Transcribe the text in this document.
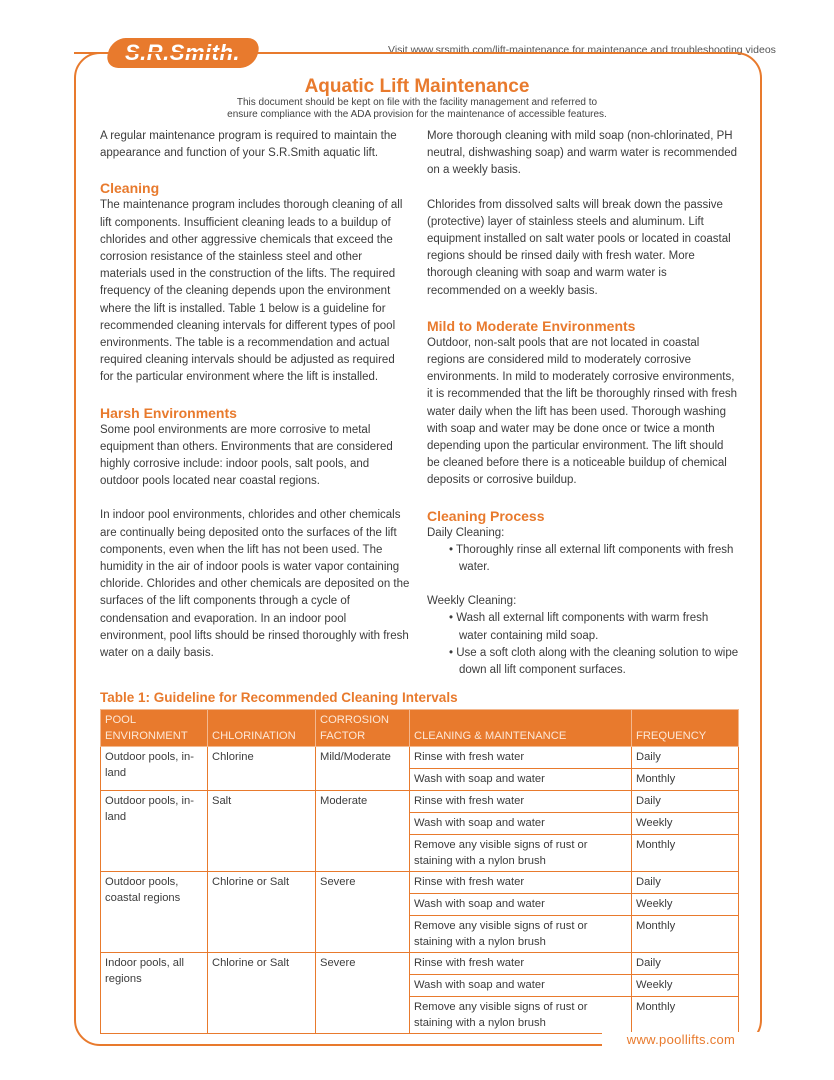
S.R.Smith.	Visit www.srsmith.com/lift-maintenance for maintenance and troubleshooting videos
Aquatic Lift Maintenance
This document should be kept on file with the facility management and referred to
ensure compliance with the ADA provision for the maintenance of accessible features.

A regular maintenance program is required to maintain the appearance and function of your S.R.Smith aquatic lift.

Cleaning

The maintenance program includes thorough cleaning of all lift components. Insufficient cleaning leads to a buildup of chlorides and other aggressive chemicals that exceed the corrosion resistance of the stainless steel and other materials used in the construction of the lifts. The required frequency of the cleaning depends upon the environment where the lift is installed. Table 1 below is a guideline for recommended cleaning intervals for different types of pool environments. The table is a recommendation and actual required cleaning intervals should be adjusted as required for the particular environment where the lift is installed.

Harsh Environments

Some pool environments are more corrosive to metal equipment than others. Environments that are considered highly corrosive include: indoor pools, salt pools, and outdoor pools located near coastal regions.

In indoor pool environments, chlorides and other chemicals are continually being deposited onto the surfaces of the lift components, even when the lift has not been used. The humidity in the air of indoor pools is water vapor containing chloride. Chlorides and other chemicals are deposited on the surfaces of the lift components through a cycle of condensation and evaporation. In an indoor pool environment, pool lifts should be rinsed thoroughly with fresh water on a daily basis.

More thorough cleaning with mild soap (non-chlorinated, PH neutral, dishwashing soap) and warm water is recommended on a weekly basis.

Chlorides from dissolved salts will break down the passive (protective) layer of stainless steels and aluminum. Lift equipment installed on salt water pools or located in coastal regions should be rinsed daily with fresh water. More thorough cleaning with soap and warm water is recommended on a weekly basis.

Mild to Moderate Environments

Outdoor, non-salt pools that are not located in coastal regions are considered mild to moderately corrosive environments. In mild to moderately corrosive environments, it is recommended that the lift be thoroughly rinsed with fresh water daily when the lift has been used. Thorough washing with soap and water may be done once or twice a month depending upon the particular environment. The lift should be cleaned before there is a noticeable buildup of chemical deposits or corrosive buildup.

Cleaning Process
Daily Cleaning:
• Thoroughly rinse all external lift components with fresh water.
Weekly Cleaning:
• Wash all external lift components with warm fresh water containing mild soap.
• Use a soft cloth along with the cleaning solution to wipe down all lift component surfaces.
Table 1: Guideline for Recommended Cleaning Intervals
POOL ENVIRONMENT	CHLORINATION	CORROSION FACTOR	CLEANING & MAINTENANCE	FREQUENCY
Outdoor pools, in-land	Chlorine	Mild/Moderate	Rinse with fresh water	Daily
			Wash with soap and water	Monthly
Outdoor pools, in-land	Salt	Moderate	Rinse with fresh water	Daily
			Wash with soap and water	Weekly
			Remove any visible signs of rust or staining with a nylon brush	Monthly
Outdoor pools, coastal regions	Chlorine or Salt	Severe	Rinse with fresh water	Daily
			Wash with soap and water	Weekly
			Remove any visible signs of rust or staining with a nylon brush	Monthly
Indoor pools, all regions	Chlorine or Salt	Severe	Rinse with fresh water	Daily
			Wash with soap and water	Weekly
			Remove any visible signs of rust or staining with a nylon brush	Monthly
www.poollifts.com
